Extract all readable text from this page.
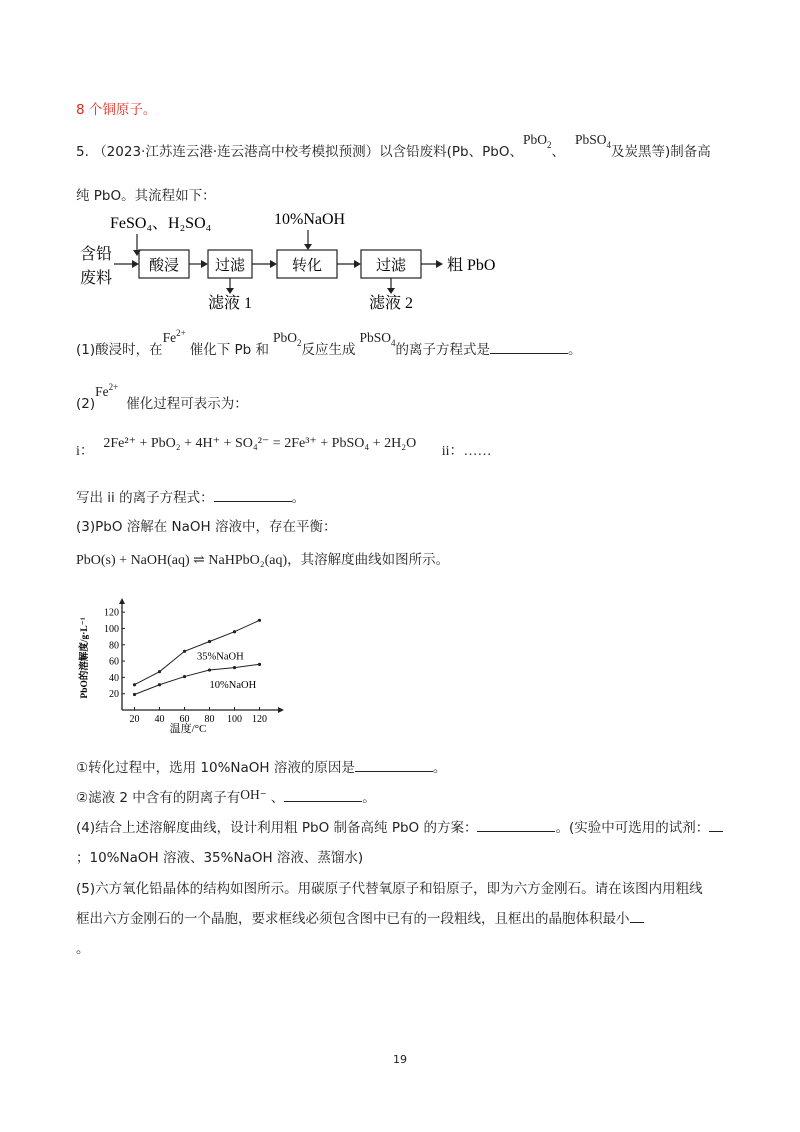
8 个铜原子。
5. （2023·江苏连云港·连云港高中校考模拟预测）以含铅废料(Pb、PbO、PbO$_2$、PbSO$_4$及炭黑等)制备高
纯 PbO。其流程如下：
FeSO₄、H₂SO₄	10%NaOH
含铅
废料
酸浸 过滤
滤液 1
转化	过滤
滤液 2
粗 PbO
(1)酸浸时，在$Fe^{2+}$催化下 Pb 和PbO$_2$反应生成PbSO$_4$的离子方程式是	。
$(2)Fe^{2+}$催化过程可表示为：
i： 2Fe²⁺ + PbO₂ + 4H⁺ + SO₄²⁻ = 2Fe³⁺ + PbSO₄ + 2H₂O ii：……
写出 ii 的离子方程式：	。
(3)PbO 溶解在 NaOH 溶液中，存在平衡：
PbO(s) + NaOH(aq) ⇌ NaHPbO₂(aq)，其溶解度曲线如图所示。
20 40 60 80 100 120
20
40
60
80
100
120
35%NaOH
10%NaOH
PbO的溶解度/g·L⁻¹
温度/°C
①转化过程中，选用 10%NaOH 溶液的原因是	。
②滤液 2 中含有的阴离子有OH− 、	。
(4)结合上述溶解度曲线，设计利用粗 PbO 制备高纯 PbO 的方案：	。(实验中可选用的试剂：
；10%NaOH 溶液、35%NaOH 溶液、蒸馏水)
(5)六方氧化铅晶体的结构如图所示。用碳原子代替氧原子和铅原子，即为六方金刚石。请在该图内用粗线
框出六方金刚石的一个晶胞，要求框线必须包含图中已有的一段粗线，且框出的晶胞体积最小
。
19
